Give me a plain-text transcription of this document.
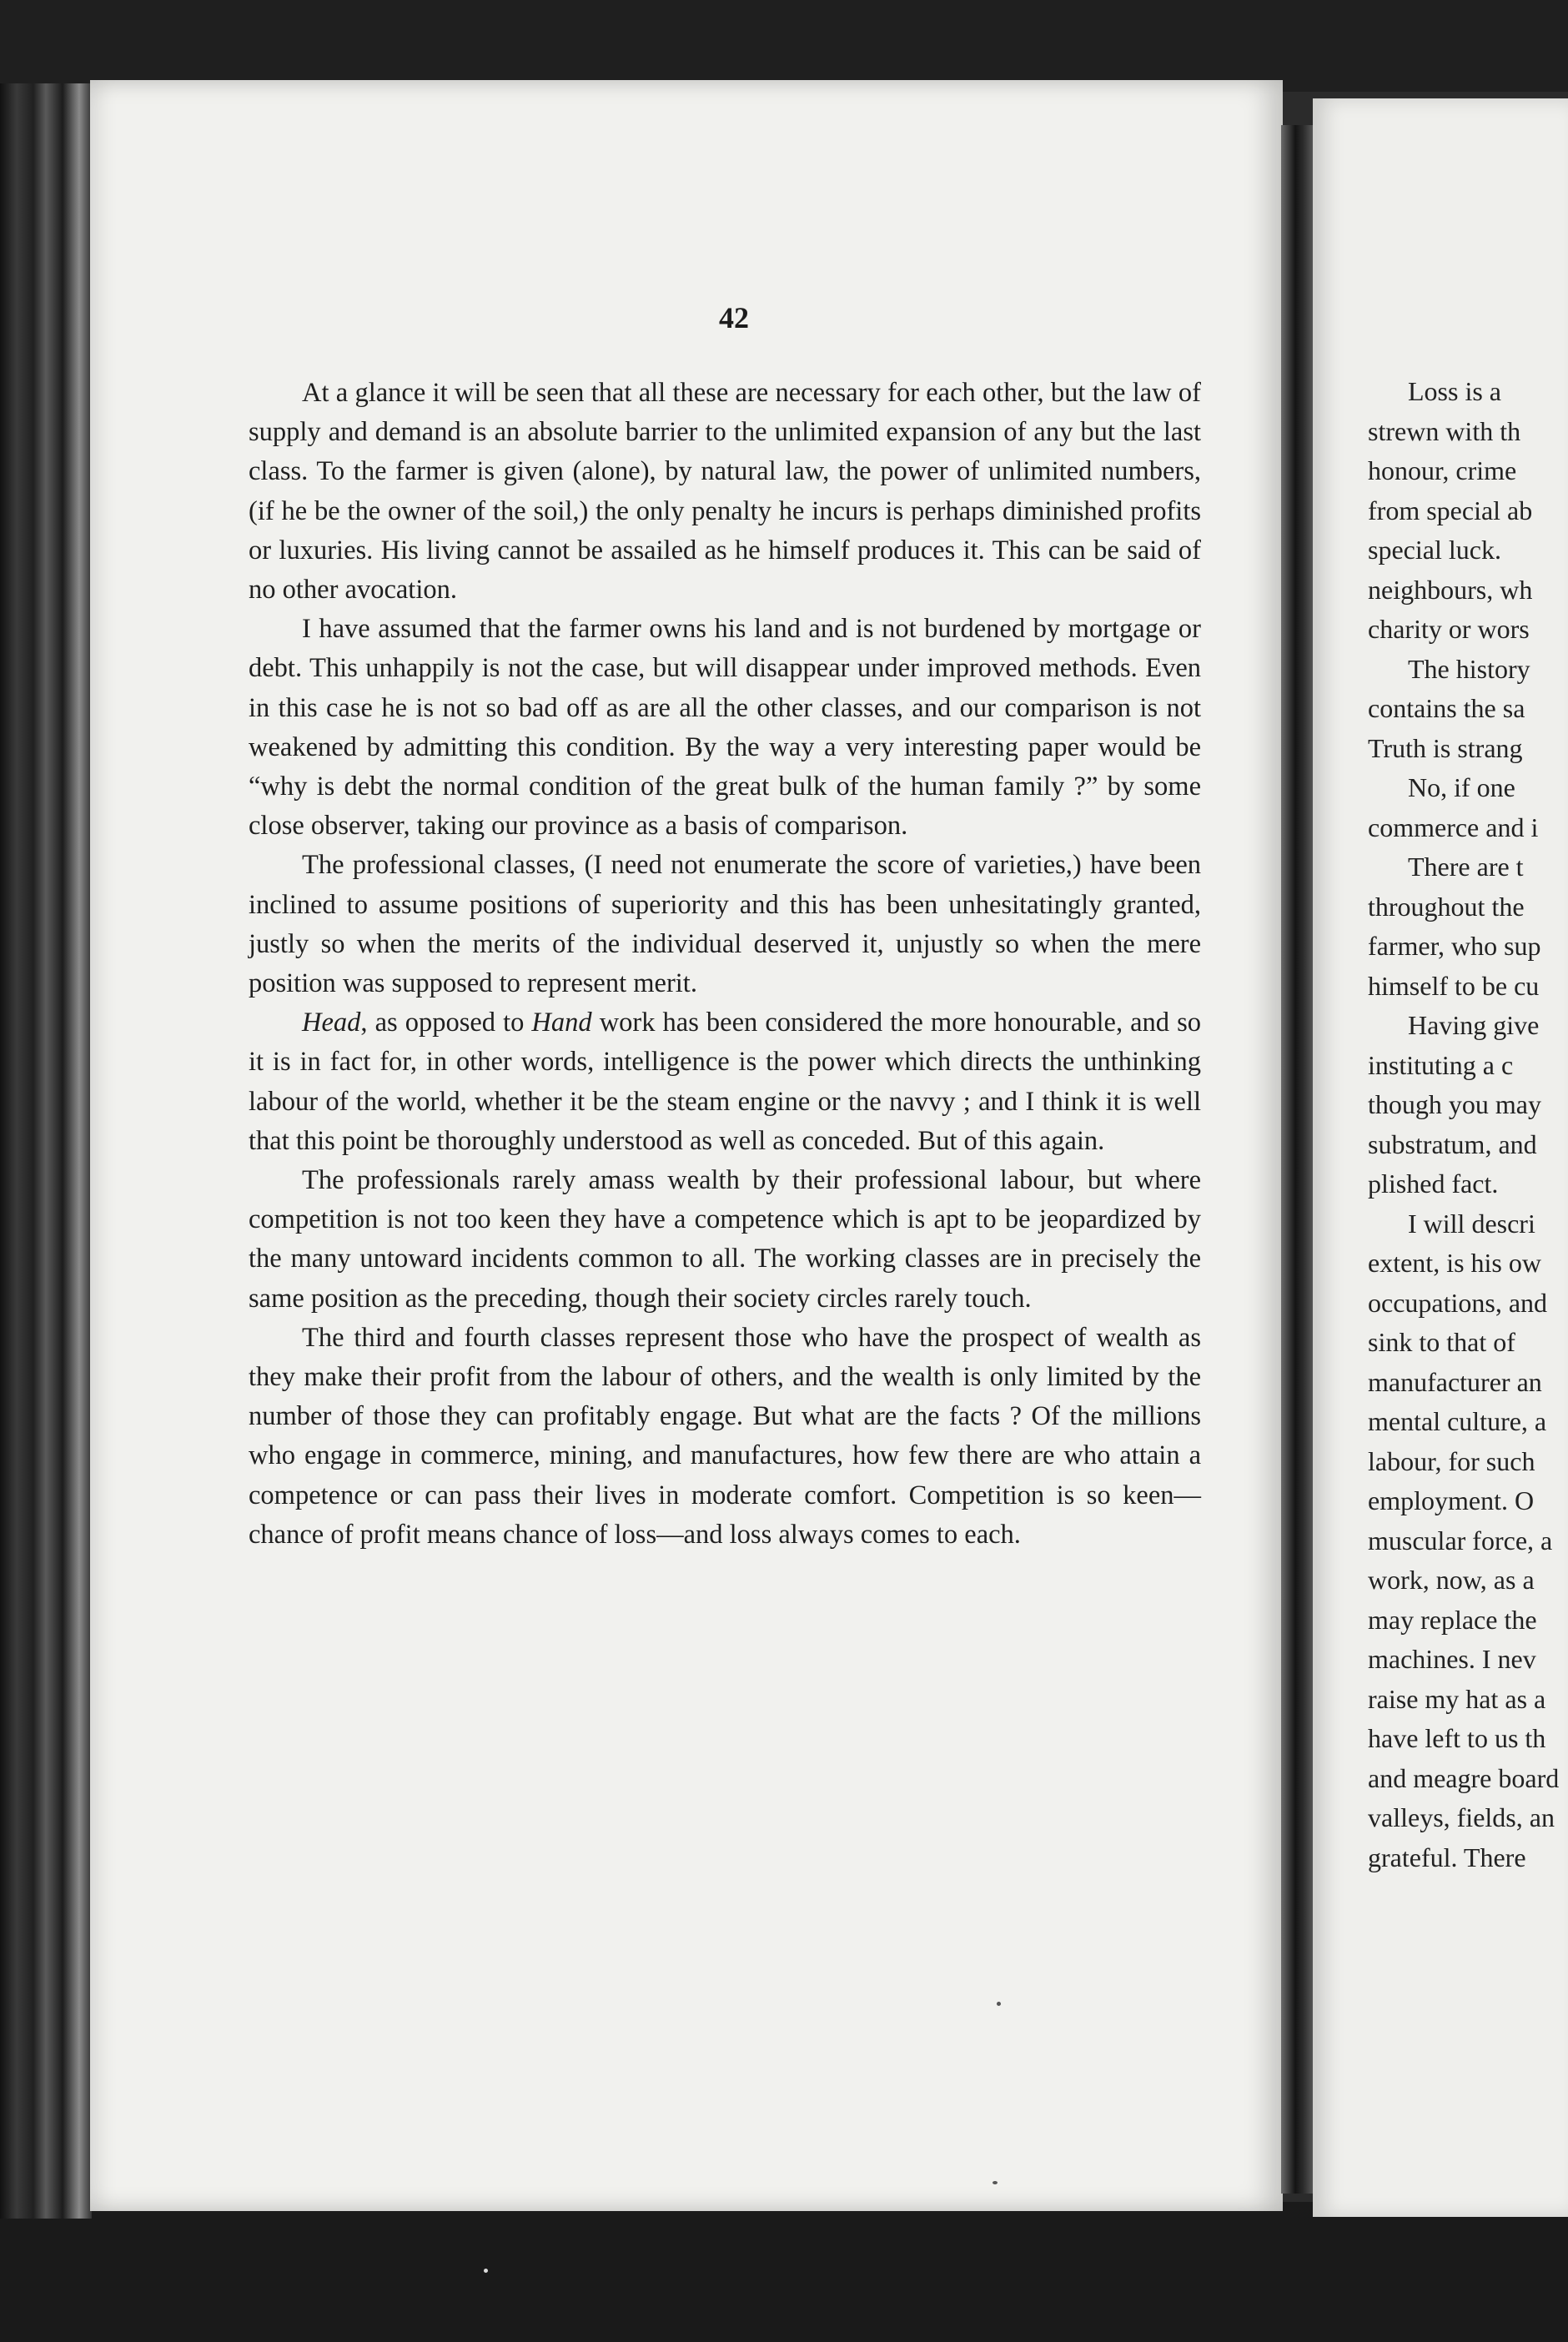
Loss is a
strewn with th
honour, crime
from special ab
special luck.
neighbours, wh
charity or wors
The history
contains the sa
Truth is strang
No, if one
commerce and i
There are t
throughout the
farmer, who sup
himself to be cu
Having give
instituting a c
though you may
substratum, and
plished fact.
I will descri
extent, is his ow
occupations, and
sink to that of
manufacturer an
mental culture, a
labour, for such
employment. O
muscular force, a
work, now, as a
may replace the
machines. I nev
raise my hat as a
have left to us th
and meagre board
valleys, fields, an
grateful. There
42

At a glance it will be seen that all these are necessary for each other, but the law of supply and demand is an absolute barrier to the unlimited expansion of any but the last class. To the farmer is given (alone), by natural law, the power of unlimited numbers, (if he be the owner of the soil,) the only penalty he incurs is perhaps diminished profits or luxuries. His living cannot be assailed as he himself produces it. This can be said of no other avocation.

I have assumed that the farmer owns his land and is not burdened by mortgage or debt. This unhappily is not the case, but will disappear under improved methods. Even in this case he is not so bad off as are all the other classes, and our comparison is not weakened by admitting this condition. By the way a very interesting paper would be “why is debt the normal condition of the great bulk of the human family ?” by some close observer, taking our province as a basis of comparison.

The professional classes, (I need not enumerate the score of varieties,) have been inclined to assume positions of superiority and this has been unhesitatingly granted, justly so when the merits of the individual deserved it, unjustly so when the mere position was supposed to represent merit.

Head, as opposed to Hand work has been considered the more honourable, and so it is in fact for, in other words, intelligence is the power which directs the unthinking labour of the world, whether it be the steam engine or the navvy ; and I think it is well that this point be thoroughly understood as well as conceded. But of this again.

The professionals rarely amass wealth by their professional labour, but where competition is not too keen they have a competence which is apt to be jeopardized by the many untoward incidents common to all. The working classes are in precisely the same position as the preceding, though their society circles rarely touch.

The third and fourth classes represent those who have the prospect of wealth as they make their profit from the labour of others, and the wealth is only limited by the number of those they can profitably engage. But what are the facts ? Of the millions who engage in commerce, mining, and manufactures, how few there are who attain a competence or can pass their lives in moderate comfort. Competition is so keen—chance of profit means chance of loss—and loss always comes to each.
